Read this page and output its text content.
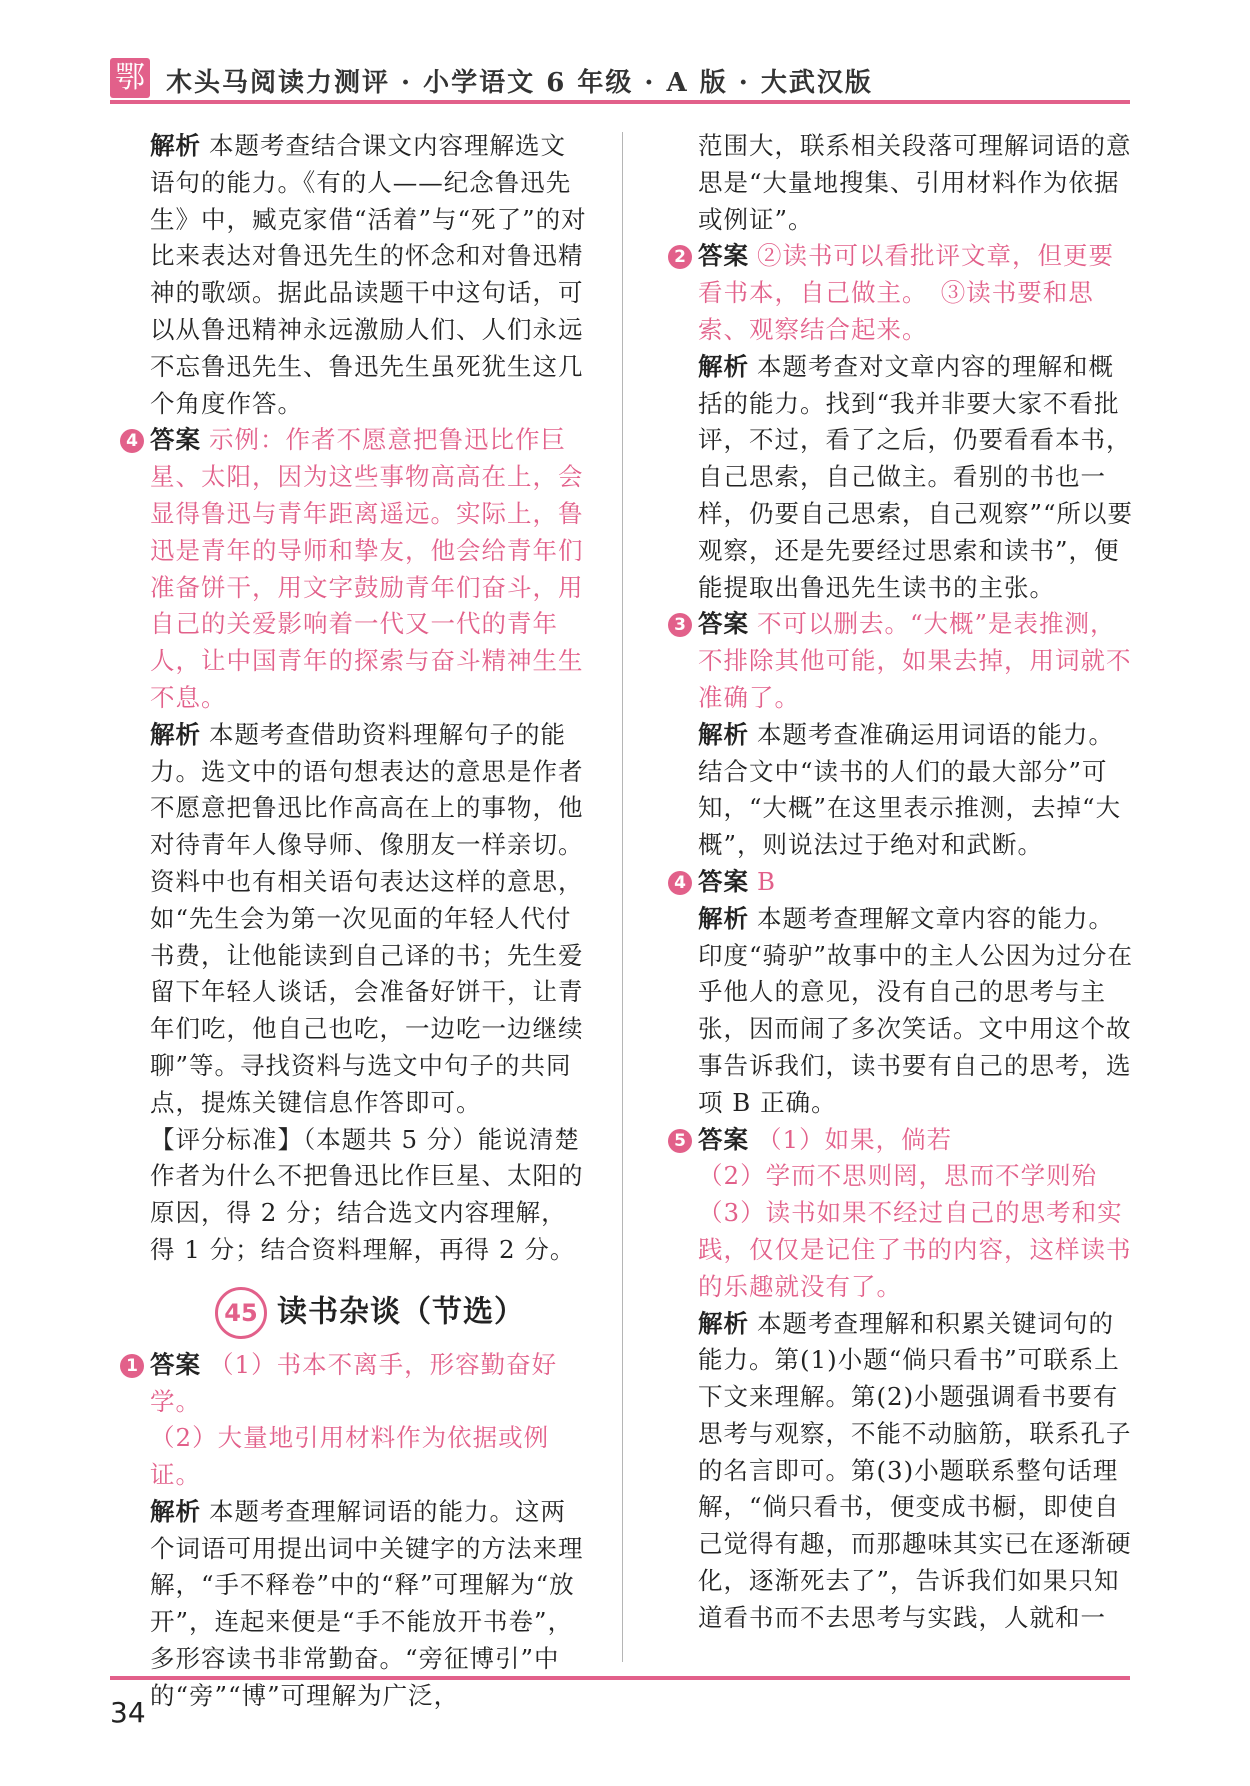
鄂 木头马阅读力测评 · 小学语文 6 年级 · A 版 · 大武汉版

解析 本题考查结合课文内容理解选文语句的能力。《有的人——纪念鲁迅先生》中，臧克家借“活着”与“死了”的对比来表达对鲁迅先生的怀念和对鲁迅精神的歌颂。据此品读题干中这句话，可以从鲁迅精神永远激励人们、人们永远不忘鲁迅先生、鲁迅先生虽死犹生这几个角度作答。

4 答案 示例：作者不愿意把鲁迅比作巨星、太阳，因为这些事物高高在上，会显得鲁迅与青年距离遥远。实际上，鲁迅是青年的导师和挚友，他会给青年们准备饼干，用文字鼓励青年们奋斗，用自己的关爱影响着一代又一代的青年人，让中国青年的探索与奋斗精神生生不息。

解析 本题考查借助资料理解句子的能力。选文中的语句想表达的意思是作者不愿意把鲁迅比作高高在上的事物，他对待青年人像导师、像朋友一样亲切。资料中也有相关语句表达这样的意思，如“先生会为第一次见面的年轻人代付书费，让他能读到自己译的书；先生爱留下年轻人谈话，会准备好饼干，让青年们吃，他自己也吃，一边吃一边继续聊”等。寻找资料与选文中句子的共同点，提炼关键信息作答即可。

【评分标准】（本题共 5 分）能说清楚作者为什么不把鲁迅比作巨星、太阳的原因，得 2 分；结合选文内容理解，得 1 分；结合资料理解，再得 2 分。

45 读书杂谈（节选）

1 答案 （1）书本不离手，形容勤奋好学。
（2）大量地引用材料作为依据或例证。

解析 本题考查理解词语的能力。这两个词语可用提出词中关键字的方法来理解，“手不释卷”中的“释”可理解为“放开”，连起来便是“手不能放开书卷”，多形容读书非常勤奋。“旁征博引”中的“旁”“博”可理解为广泛，

范围大，联系相关段落可理解词语的意思是“大量地搜集、引用材料作为依据或例证”。

2 答案 ②读书可以看批评文章，但更要看书本，自己做主。　③读书要和思索、观察结合起来。

解析 本题考查对文章内容的理解和概括的能力。找到“我并非要大家不看批评，不过，看了之后，仍要看看本书，自己思索，自己做主。看别的书也一样，仍要自己思索，自己观察”“所以要观察，还是先要经过思索和读书”，便能提取出鲁迅先生读书的主张。

3 答案 不可以删去。“大概”是表推测，不排除其他可能，如果去掉，用词就不准确了。

解析 本题考查准确运用词语的能力。结合文中“读书的人们的最大部分”可知，“大概”在这里表示推测，去掉“大概”，则说法过于绝对和武断。

4 答案 B

解析 本题考查理解文章内容的能力。印度“骑驴”故事中的主人公因为过分在乎他人的意见，没有自己的思考与主张，因而闹了多次笑话。文中用这个故事告诉我们，读书要有自己的思考，选项 B 正确。

5 答案 （1）如果，倘若
（2）学而不思则罔，思而不学则殆
（3）读书如果不经过自己的思考和实践，仅仅是记住了书的内容，这样读书的乐趣就没有了。

解析 本题考查理解和积累关键词句的能力。第(1)小题“倘只看书”可联系上下文来理解。第(2)小题强调看书要有思考与观察，不能不动脑筋，联系孔子的名言即可。第(3)小题联系整句话理解，“倘只看书，便变成书橱，即使自己觉得有趣，而那趣味其实已在逐渐硬化，逐渐死去了”，告诉我们如果只知道看书而不去思考与实践，人就和一

34
